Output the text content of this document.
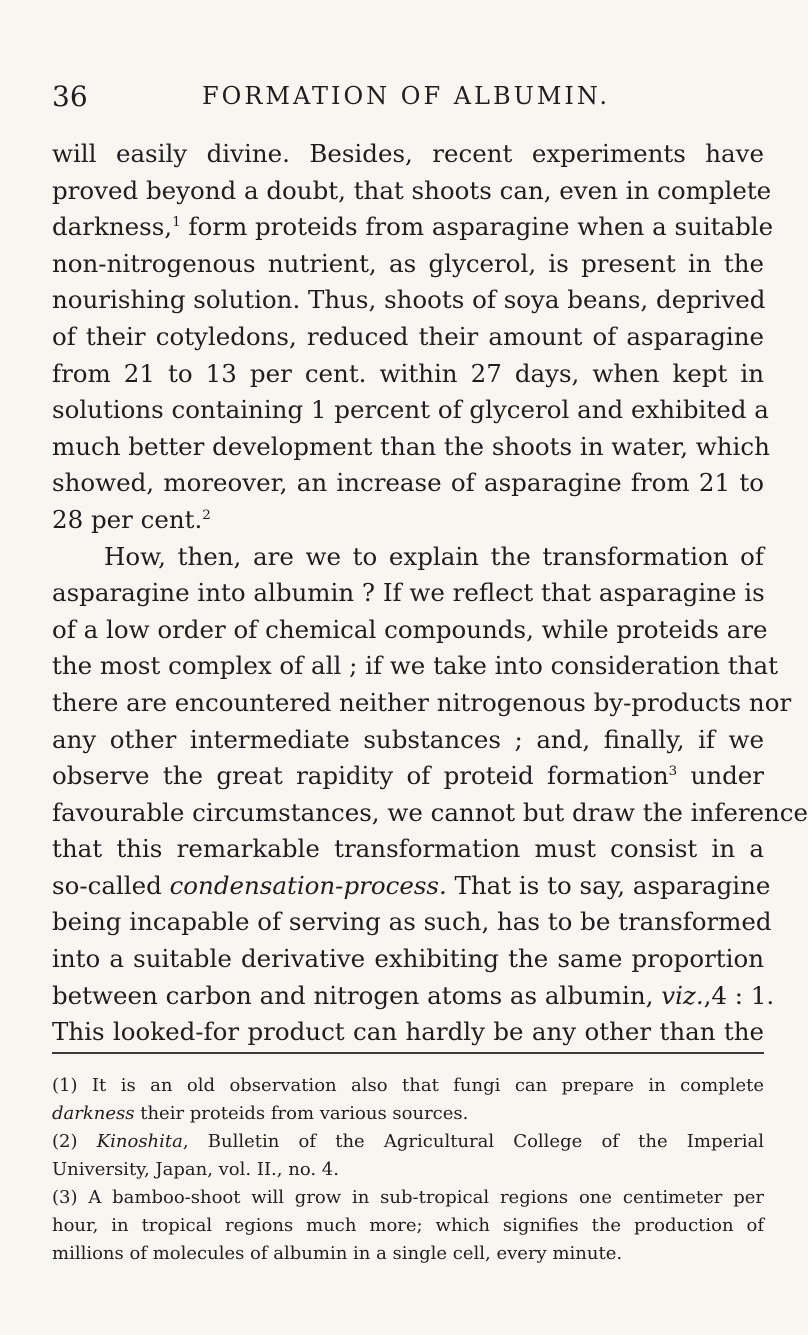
36	FORMATION OF ALBUMIN.
will easily divine. Besides, recent experiments have
proved beyond a doubt, that shoots can, even in complete
darkness,$^1$ form proteids from asparagine when a suitable
non-nitrogenous nutrient, as glycerol, is present in the
nourishing solution. Thus, shoots of soya beans, deprived
of their cotyledons, reduced their amount of asparagine
from 21 to 13 per cent. within 27 days, when kept in
solutions containing 1 percent of glycerol and exhibited a
much better development than the shoots in water, which
showed, moreover, an increase of asparagine from 21 to
28 per cent.$^2$
How, then, are we to explain the transformation of
asparagine into albumin ? If we reflect that asparagine is
of a low order of chemical compounds, while proteids are
the most complex of all ; if we take into consideration that
there are encountered neither nitrogenous by-products nor
any other intermediate substances ; and, finally, if we
observe the great rapidity of proteid formation$^3$ under
favourable circumstances, we cannot but draw the inference
that this remarkable transformation must consist in a
so-called condensation-process. That is to say, asparagine
being incapable of serving as such, has to be transformed
into a suitable derivative exhibiting the same proportion
between carbon and nitrogen atoms as albumin, viz.,4 : 1.
This looked-for product can hardly be any other than the
(1) It is an old observation also that fungi can prepare in complete
darkness their proteids from various sources.
(2) Kinoshita, Bulletin of the Agricultural College of the Imperial
University, Japan, vol. II., no. 4.
(3) A bamboo-shoot will grow in sub-tropical regions one centimeter per
hour, in tropical regions much more; which signifies the production of
millions of molecules of albumin in a single cell, every minute.
